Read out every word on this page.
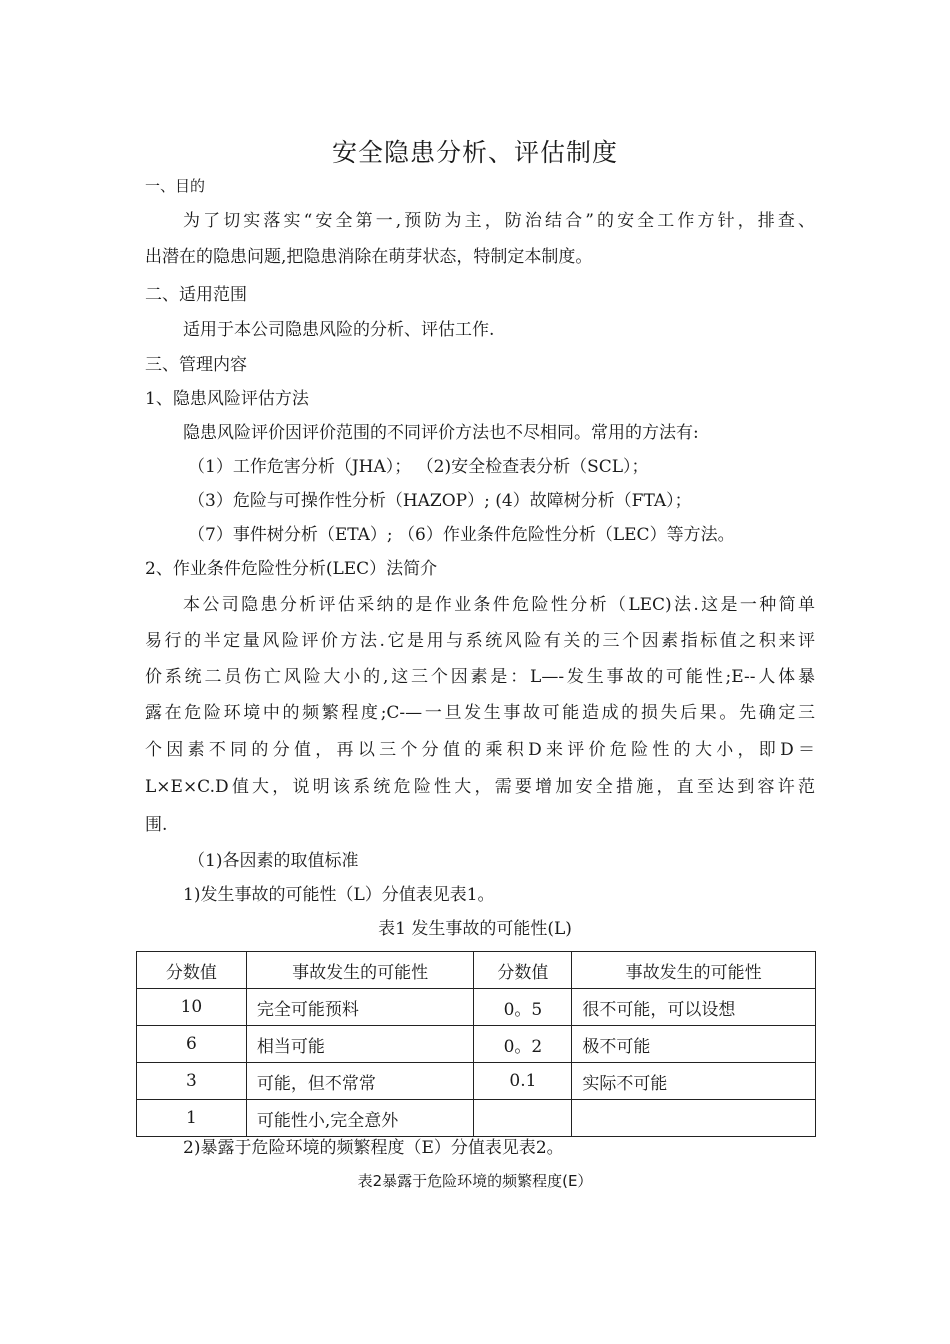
安全隐患分析、评估制度
一、目的
为了切实落实“安全第一,预防为主，防治结合”的安全工作方针，排查、
出潜在的隐患问题,把隐患消除在萌芽状态，特制定本制度。
二、适用范围
适用于本公司隐患风险的分析、评估工作.
三、管理内容
1、隐患风险评估方法
隐患风险评价因评价范围的不同评价方法也不尽相同。常用的方法有:
（1）工作危害分析（JHA）； （2)安全检查表分析（SCL）；
（3）危险与可操作性分析（HAZOP）; (4）故障树分析（FTA）；
（7）事件树分析（ETA）; （6）作业条件危险性分析（LEC）等方法。
2、作业条件危险性分析(LEC）法简介
本公司隐患分析评估采纳的是作业条件危险性分析（LEC)法.这是一种简单
易行的半定量风险评价方法.它是用与系统风险有关的三个因素指标值之积来评
价系统二员伤亡风险大小的,这三个因素是：L—-发生事故的可能性;E--人体暴
露在危险环境中的频繁程度;C-—一旦发生事故可能造成的损失后果。先确定三
个因素不同的分值，再以三个分值的乘积D来评价危险性的大小，即D＝
L×E×C.D值大，说明该系统危险性大，需要增加安全措施，直至达到容许范
围.
（1)各因素的取值标准
1)发生事故的可能性（L）分值表见表1。
表1 发生事故的可能性(L)
分数值	事故发生的可能性	分数值	事故发生的可能性
10	完全可能预料	0。5	很不可能，可以设想
6	相当可能	0。2	极不可能
3	可能，但不常常	0.1	实际不可能
1	可能性小,完全意外		
2)暴露于危险环境的频繁程度（E）分值表见表2。
表2暴露于危险环境的频繁程度(E）
